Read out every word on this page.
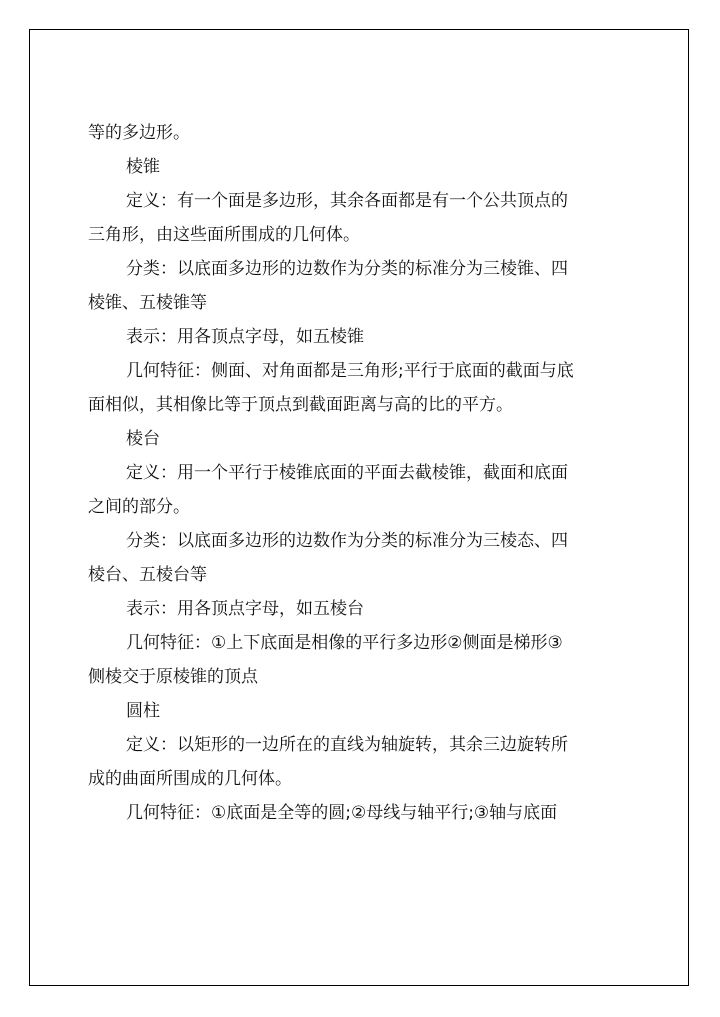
等的多边形。
棱锥
定义：有一个面是多边形，其余各面都是有一个公共顶点的
三角形，由这些面所围成的几何体。
分类：以底面多边形的边数作为分类的标准分为三棱锥、四
棱锥、五棱锥等
表示：用各顶点字母，如五棱锥
几何特征：侧面、对角面都是三角形;平行于底面的截面与底
面相似，其相像比等于顶点到截面距离与高的比的平方。
棱台
定义：用一个平行于棱锥底面的平面去截棱锥，截面和底面
之间的部分。
分类：以底面多边形的边数作为分类的标准分为三棱态、四
棱台、五棱台等
表示：用各顶点字母，如五棱台
几何特征：①上下底面是相像的平行多边形②侧面是梯形③
侧棱交于原棱锥的顶点
圆柱
定义：以矩形的一边所在的直线为轴旋转，其余三边旋转所
成的曲面所围成的几何体。
几何特征：①底面是全等的圆;②母线与轴平行;③轴与底面
